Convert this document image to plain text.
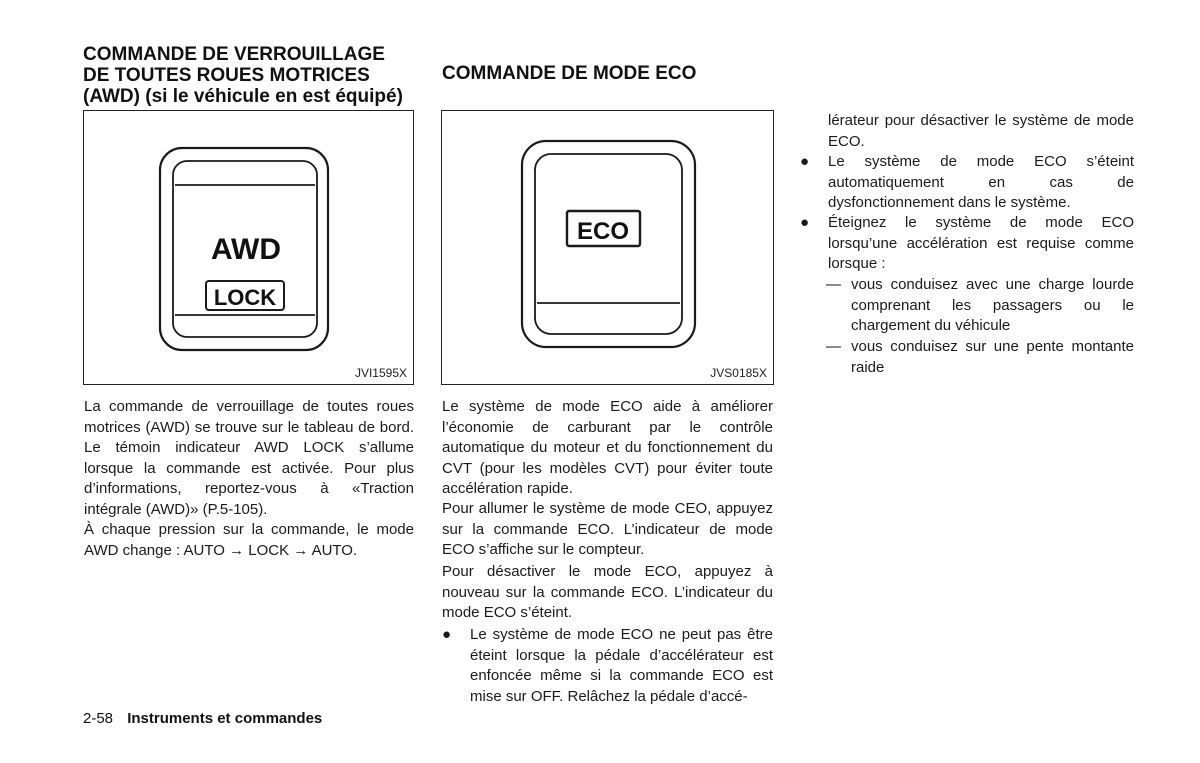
COMMANDE DE VERROUILLAGE
DE TOUTES ROUES MOTRICES
(AWD) (si le véhicule en est équipé)
AWD
LOCK
JVI1595X

La commande de verrouillage de toutes roues motrices (AWD) se trouve sur le tableau de bord. Le témoin indicateur AWD LOCK s’allume lorsque la commande est activée. Pour plus d’informations, reportez-vous à «Traction intégrale (AWD)» (P.5-105).

À chaque pression sur la commande, le mode AWD change : AUTO → LOCK → AUTO.

COMMANDE DE MODE ECO
ECO
JVS0185X

Le système de mode ECO aide à améliorer l’économie de carburant par le contrôle automatique du moteur et du fonctionnement du CVT (pour les modèles CVT) pour éviter toute accélération rapide.

Pour allumer le système de mode CEO, appuyez sur la commande ECO. L’indicateur de mode ECO s’affiche sur le compteur.

Pour désactiver le mode ECO, appuyez à nouveau sur la commande ECO. L’indicateur du mode ECO s’éteint.

● Le système de mode ECO ne peut pas être éteint lorsque la pédale d’accélérateur est enfoncée même si la commande ECO est mise sur OFF. Relâchez la pédale d’accé-

lérateur pour désactiver le système de mode ECO.

● Le système de mode ECO s’éteint automatiquement en cas de dysfonctionnement dans le système.
● Éteignez le système de mode ECO lorsqu’une accélération est requise comme lorsque :
— vous conduisez avec une charge lourde comprenant les passagers ou le chargement du véhicule
— vous conduisez sur une pente montante raide
2-58 Instruments et commandes
